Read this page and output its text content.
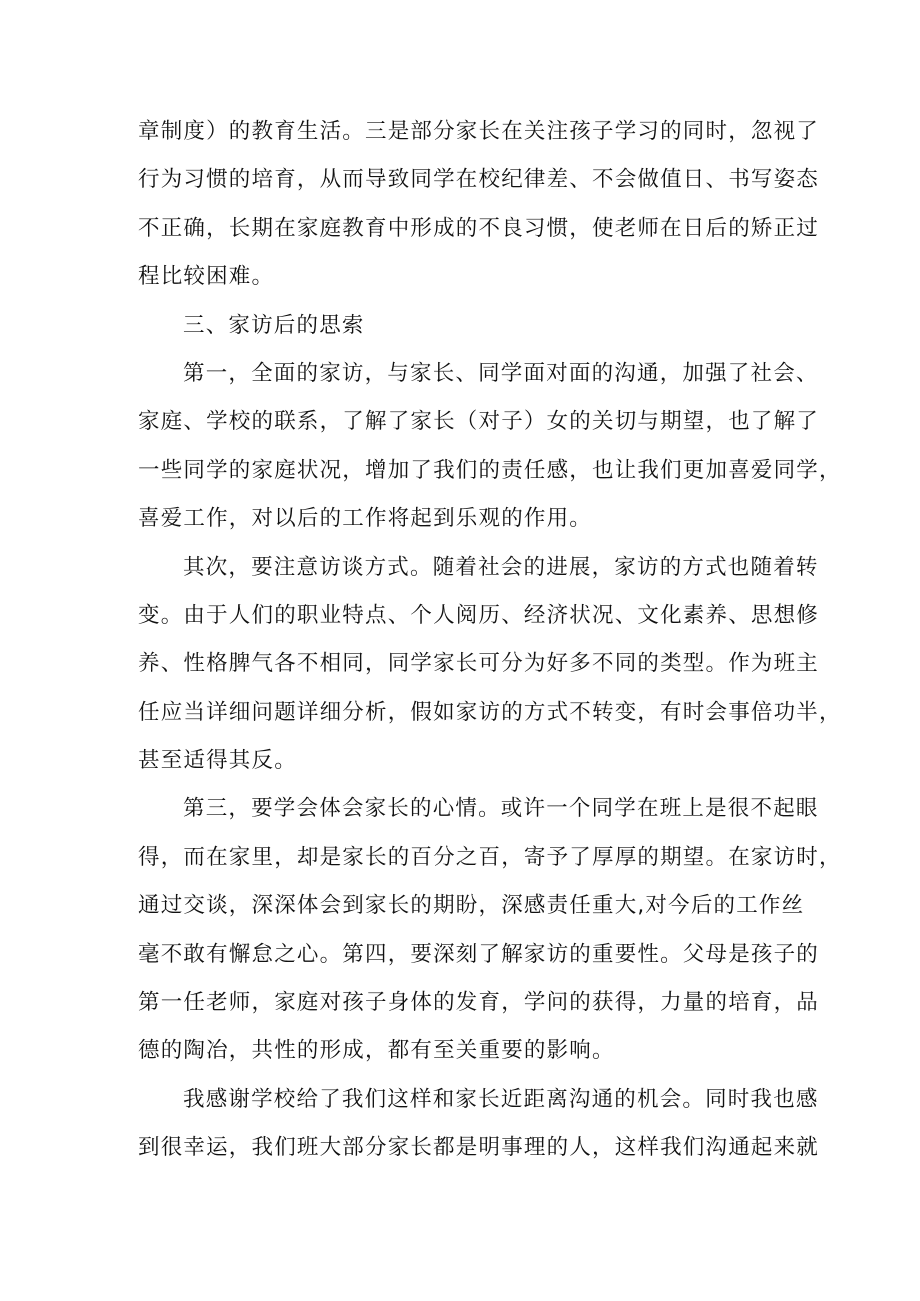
章制度）的教育生活。三是部分家长在关注孩子学习的同时，忽视了
行为习惯的培育，从而导致同学在校纪律差、不会做值日、书写姿态
不正确，长期在家庭教育中形成的不良习惯，使老师在日后的矫正过
程比较困难。
三、家访后的思索
第一，全面的家访，与家长、同学面对面的沟通，加强了社会、
家庭、学校的联系，了解了家长（对子）女的关切与期望，也了解了
一些同学的家庭状况，增加了我们的责任感，也让我们更加喜爱同学，
喜爱工作，对以后的工作将起到乐观的作用。
其次，要注意访谈方式。随着社会的进展，家访的方式也随着转
变。由于人们的职业特点、个人阅历、经济状况、文化素养、思想修
养、性格脾气各不相同，同学家长可分为好多不同的类型。作为班主
任应当详细问题详细分析，假如家访的方式不转变，有时会事倍功半，
甚至适得其反。
第三，要学会体会家长的心情。或许一个同学在班上是很不起眼
得，而在家里，却是家长的百分之百，寄予了厚厚的期望。在家访时，
通过交谈，深深体会到家长的期盼，深感责任重大,对今后的工作丝
毫不敢有懈怠之心。第四，要深刻了解家访的重要性。父母是孩子的
第一任老师，家庭对孩子身体的发育，学问的获得，力量的培育，品
德的陶冶，共性的形成，都有至关重要的影响。
我感谢学校给了我们这样和家长近距离沟通的机会。同时我也感
到很幸运，我们班大部分家长都是明事理的人，这样我们沟通起来就
